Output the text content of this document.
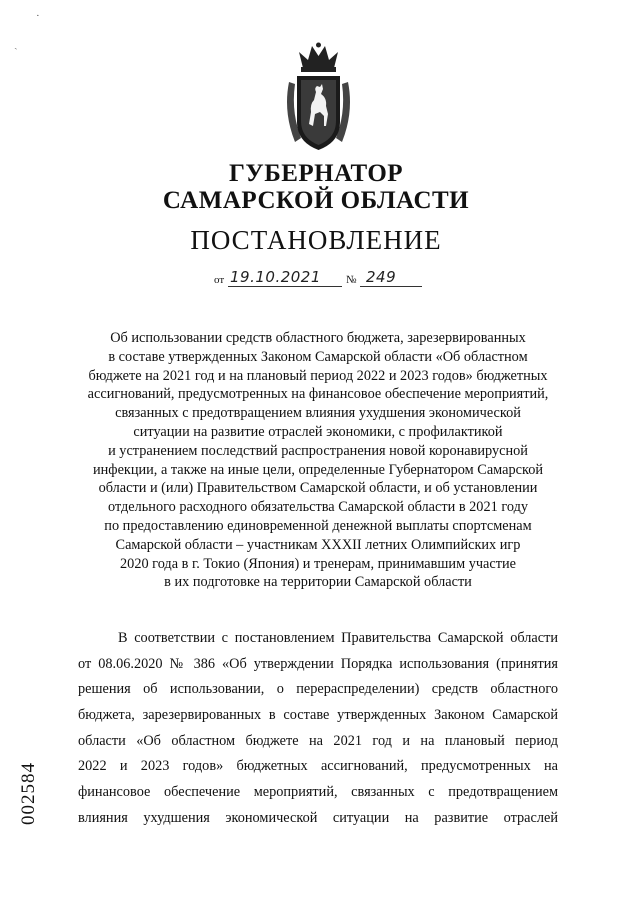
·
ˏ
ГУБЕРНАТОР
САМАРСКОЙ ОБЛАСТИ
ПОСТАНОВЛЕНИЕ
от 19.10.2021 № 249
Об использовании средств областного бюджета, зарезервированных
в составе утвержденных Законом Самарской области «Об областном
бюджете на 2021 год и на плановый период 2022 и 2023 годов» бюджетных
ассигнований, предусмотренных на финансовое обеспечение мероприятий,
связанных с предотвращением влияния ухудшения экономической
ситуации на развитие отраслей экономики, с профилактикой
и устранением последствий распространения новой коронавирусной
инфекции, а также на иные цели, определенные Губернатором Самарской
области и (или) Правительством Самарской области, и об установлении
отдельного расходного обязательства Самарской области в 2021 году
по предоставлению единовременной денежной выплаты спортсменам
Самарской области – участникам XXXII летних Олимпийских игр
2020 года в г. Токио (Япония) и тренерам, принимавшим участие
в их подготовке на территории Самарской области
В соответствии с постановлением Правительства Самарской области
от 08.06.2020 № 386 «Об утверждении Порядка использования (принятия
решения об использовании, о перераспределении) средств областного
бюджета, зарезервированных в составе утвержденных Законом Самарской
области «Об областном бюджете на 2021 год и на плановый период
2022 и 2023 годов» бюджетных ассигнований, предусмотренных на
финансовое обеспечение мероприятий, связанных с предотвращением
влияния ухудшения экономической ситуации на развитие отраслей
002584
